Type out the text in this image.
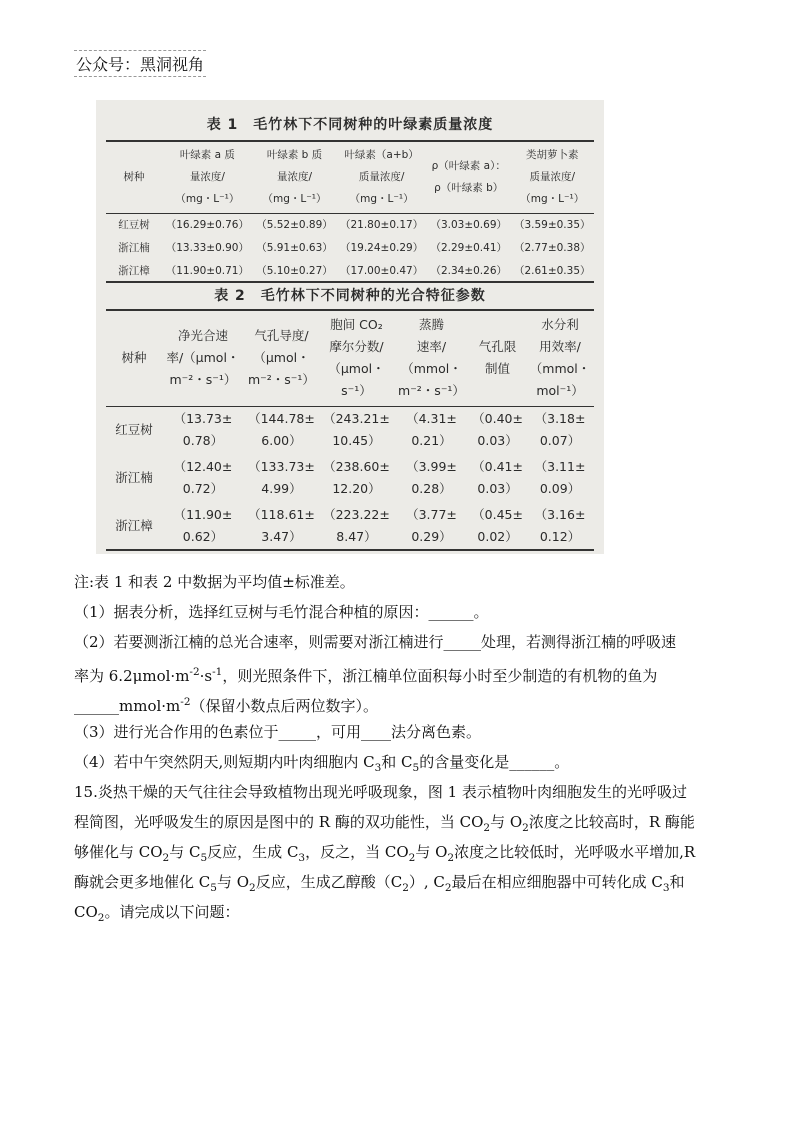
公众号：黑洞视角
表 1　毛竹林下不同树种的叶绿素质量浓度
树种	叶绿素 a 质
量浓度/
（mg・L⁻¹）	叶绿素 b 质
量浓度/
（mg・L⁻¹）	叶绿素（a+b）
质量浓度/
（mg・L⁻¹）	ρ（叶绿素 a）：
ρ（叶绿素 b）	类胡萝卜素
质量浓度/
（mg・L⁻¹）
红豆树	（16.29±0.76）	（5.52±0.89）	（21.80±0.17）	（3.03±0.69）	（3.59±0.35）
浙江楠	（13.33±0.90）	（5.91±0.63）	（19.24±0.29）	（2.29±0.41）	（2.77±0.38）
浙江樟	（11.90±0.71）	（5.10±0.27）	（17.00±0.47）	（2.34±0.26）	（2.61±0.35）
表 2　毛竹林下不同树种的光合特征参数
树种	净光合速
率/（μmol・
m⁻²・s⁻¹）	气孔导度/
（μmol・
m⁻²・s⁻¹）	胞间 CO₂
摩尔分数/
（μmol・
s⁻¹）	蒸腾
速率/
（mmol・
m⁻²・s⁻¹）	气孔限
制值	水分利
用效率/
（mmol・
mol⁻¹）
红豆树	（13.73±
0.78）	（144.78±
6.00）	（243.21±
10.45）	（4.31±
0.21）	（0.40±
0.03）	（3.18±
0.07）
浙江楠	（12.40±
0.72）	（133.73±
4.99）	（238.60±
12.20）	（3.99±
0.28）	（0.41±
0.03）	（3.11±
0.09）
浙江樟	（11.90±
0.62）	（118.61±
3.47）	（223.22±
8.47）	（3.77±
0.29）	（0.45±
0.02）	（3.16±
0.12）
注:表 1 和表 2 中数据为平均值±标准差。
（1）据表分析，选择红豆树与毛竹混合种植的原因：______。
（2）若要测浙江楠的总光合速率，则需要对浙江楠进行_____处理，若测得浙江楠的呼吸速
率为 $6.2\mu mol\cdot m^{-2}\cdot s^{-1}$，则光照条件下，浙江楠单位面积每小时至少制造的有机物的鱼为
$\_\_\_\_\_\_mmol\cdot m^{-2}$（保留小数点后两位数字）。
（3）进行光合作用的色素位于_____，可用____法分离色素。
（4）若中午突然阴天,则短期内叶肉细胞内 $C_3$和 $C_5$的含量变化是______。
15.炎热干燥的天气往往会导致植物出现光呼吸现象，图 1 表示植物叶肉细胞发生的光呼吸过
程简图，光呼吸发生的原因是图中的 R 酶的双功能性，当 $CO_2$与 $O_2$浓度之比较高时，R 酶能
够催化与 $CO_2$与 $C_5$反应，生成 $C_3$，反之，当 $CO_2$与 $O_2$浓度之比较低时，光呼吸水平增加,R
酶就会更多地催化 $C_5$与 $O_2$反应，生成乙醇酸$(C_2)$, $C_2$最后在相应细胞器中可转化成 $C_3$和
$CO_2$。请完成以下问题：
